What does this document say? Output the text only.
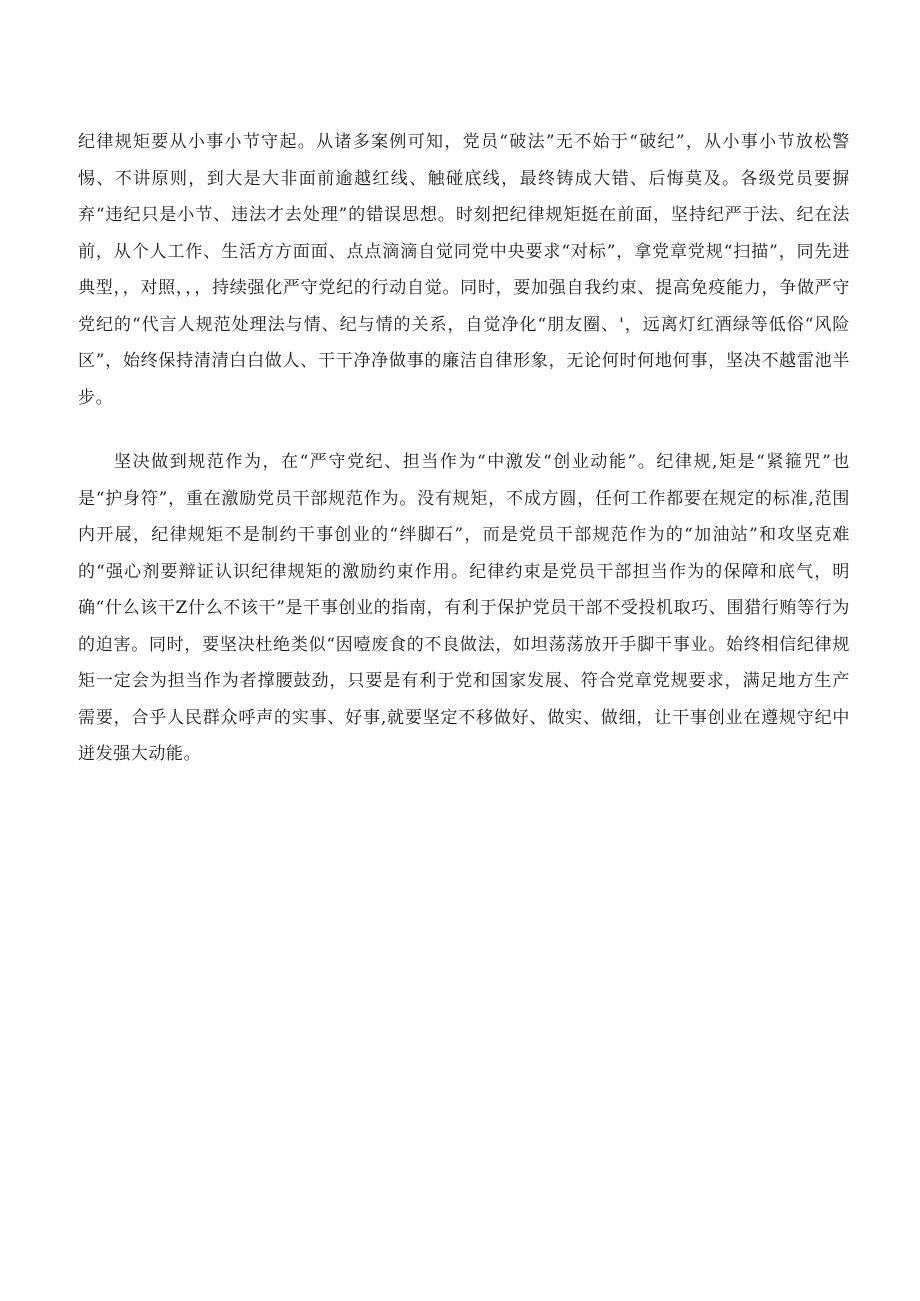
纪律规矩要从小事小节守起。从诸多案例可知，党员“破法”无不始于“破纪”，从小事小节放松警惕、不讲原则，到大是大非面前逾越红线、触碰底线，最终铸成大错、后悔莫及。各级党员要摒弃“违纪只是小节、违法才去处理”的错误思想。时刻把纪律规矩挺在前面，坚持纪严于法、纪在法前，从个人工作、生活方方面面、点点滴滴自觉同党中央要求“对标”，拿党章党规“扫描”，同先进典型，，对照，，，持续强化严守党纪的行动自觉。同时，要加强自我约束、提高免疫能力，争做严守党纪的“代言人规范处理法与情、纪与情的关系，自觉净化“朋友圈、'，远离灯红酒绿等低俗“风险区”，始终保持清清白白做人、干干净净做事的廉洁自律形象，无论何时何地何事，坚决不越雷池半步。

坚决做到规范作为，在“严守党纪、担当作为“中激发“创业动能”。纪律规,矩是“紧箍咒”也是“护身符”，重在激励党员干部规范作为。没有规矩，不成方圆，任何工作都要在规定的标准,范围内开展，纪律规矩不是制约干事创业的“绊脚石”，而是党员干部规范作为的“加油站”和攻坚克难的“强心剂要辩证认识纪律规矩的激励约束作用。纪律约束是党员干部担当作为的保障和底气，明确“什么该干Z什么不该干”是干事创业的指南，有利于保护党员干部不受投机取巧、围猎行贿等行为的迫害。同时，要坚决杜绝类似“因噎废食的不良做法，如坦荡荡放开手脚干事业。始终相信纪律规矩一定会为担当作为者撑腰鼓劲，只要是有利于党和国家发展、符合党章党规要求，满足地方生产需要，合乎人民群众呼声的实事、好事,就要坚定不移做好、做实、做细，让干事创业在遵规守纪中迸发强大动能。
